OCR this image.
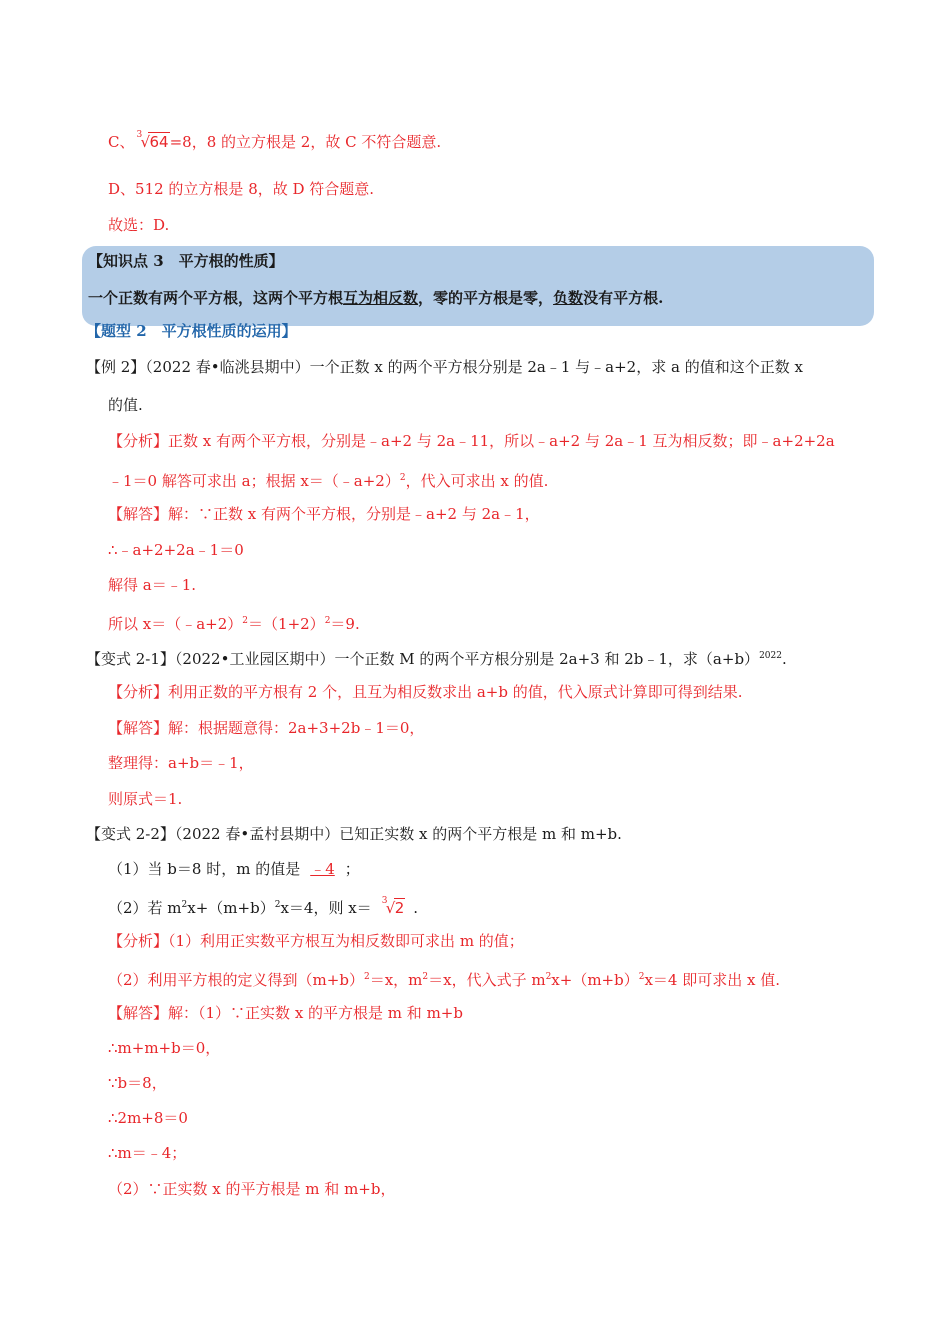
C、 3
√ 64=8，8 的立方根是 2，故 C 不符合题意.
D、512 的立方根是 8，故 D 符合题意.
故选：D.
【知识点 3　平方根的性质】
一个正数有两个平方根，这两个平方根互为相反数，零的平方根是零，负数没有平方根.
【题型 2　平方根性质的运用】
【例 2】（2022 春•临洮县期中）一个正数 x 的两个平方根分别是 2a﹣1 与﹣a+2，求 a 的值和这个正数 x
的值.
【分析】正数 x 有两个平方根，分别是﹣a+2 与 2a﹣11，所以﹣a+2 与 2a﹣1 互为相反数；即﹣a+2+2a
﹣1＝0 解答可求出 a；根据 x＝（﹣a+2）$^2$，代入可求出 x 的值.
【解答】解：∵正数 x 有两个平方根，分别是﹣a+2 与 2a﹣1，
∴﹣a+2+2a﹣1＝0
解得 a＝﹣1.
所以 $x=(﹣a+2)^2=(1+2)^2=9$.
【变式 2-1】（2022•工业园区期中）一个正数 M 的两个平方根分别是 2a+3 和 2b﹣1，求$(a+b)^{2022}$.
【分析】利用正数的平方根有 2 个，且互为相反数求出 a+b 的值，代入原式计算即可得到结果.
【解答】解：根据题意得：2a+3+2b﹣1＝0，
整理得：a+b＝﹣1，
则原式＝1.
【变式 2-2】（2022 春•孟村县期中）已知正实数 x 的两个平方根是 m 和 m+b.
（1）当 b＝8 时，m 的值是 ﹣4 ；
（2）若 $m^2x+(m+b)^2x=4$，则 x＝ 3
√ 2 .
【分析】（1）利用正实数平方根互为相反数即可求出 m 的值；
（2）利用平方根的定义得到$(m+b)^2=x$，$m^2=x$，代入式子 $m^2x+(m+b)^2x=4$ 即可求出 x 值.
【解答】解：（1）∵正实数 x 的平方根是 m 和 m+b
∴m+m+b＝0，
∵b＝8，
∴2m+8＝0
∴m＝﹣4；
（2）∵正实数 x 的平方根是 m 和 m+b，
